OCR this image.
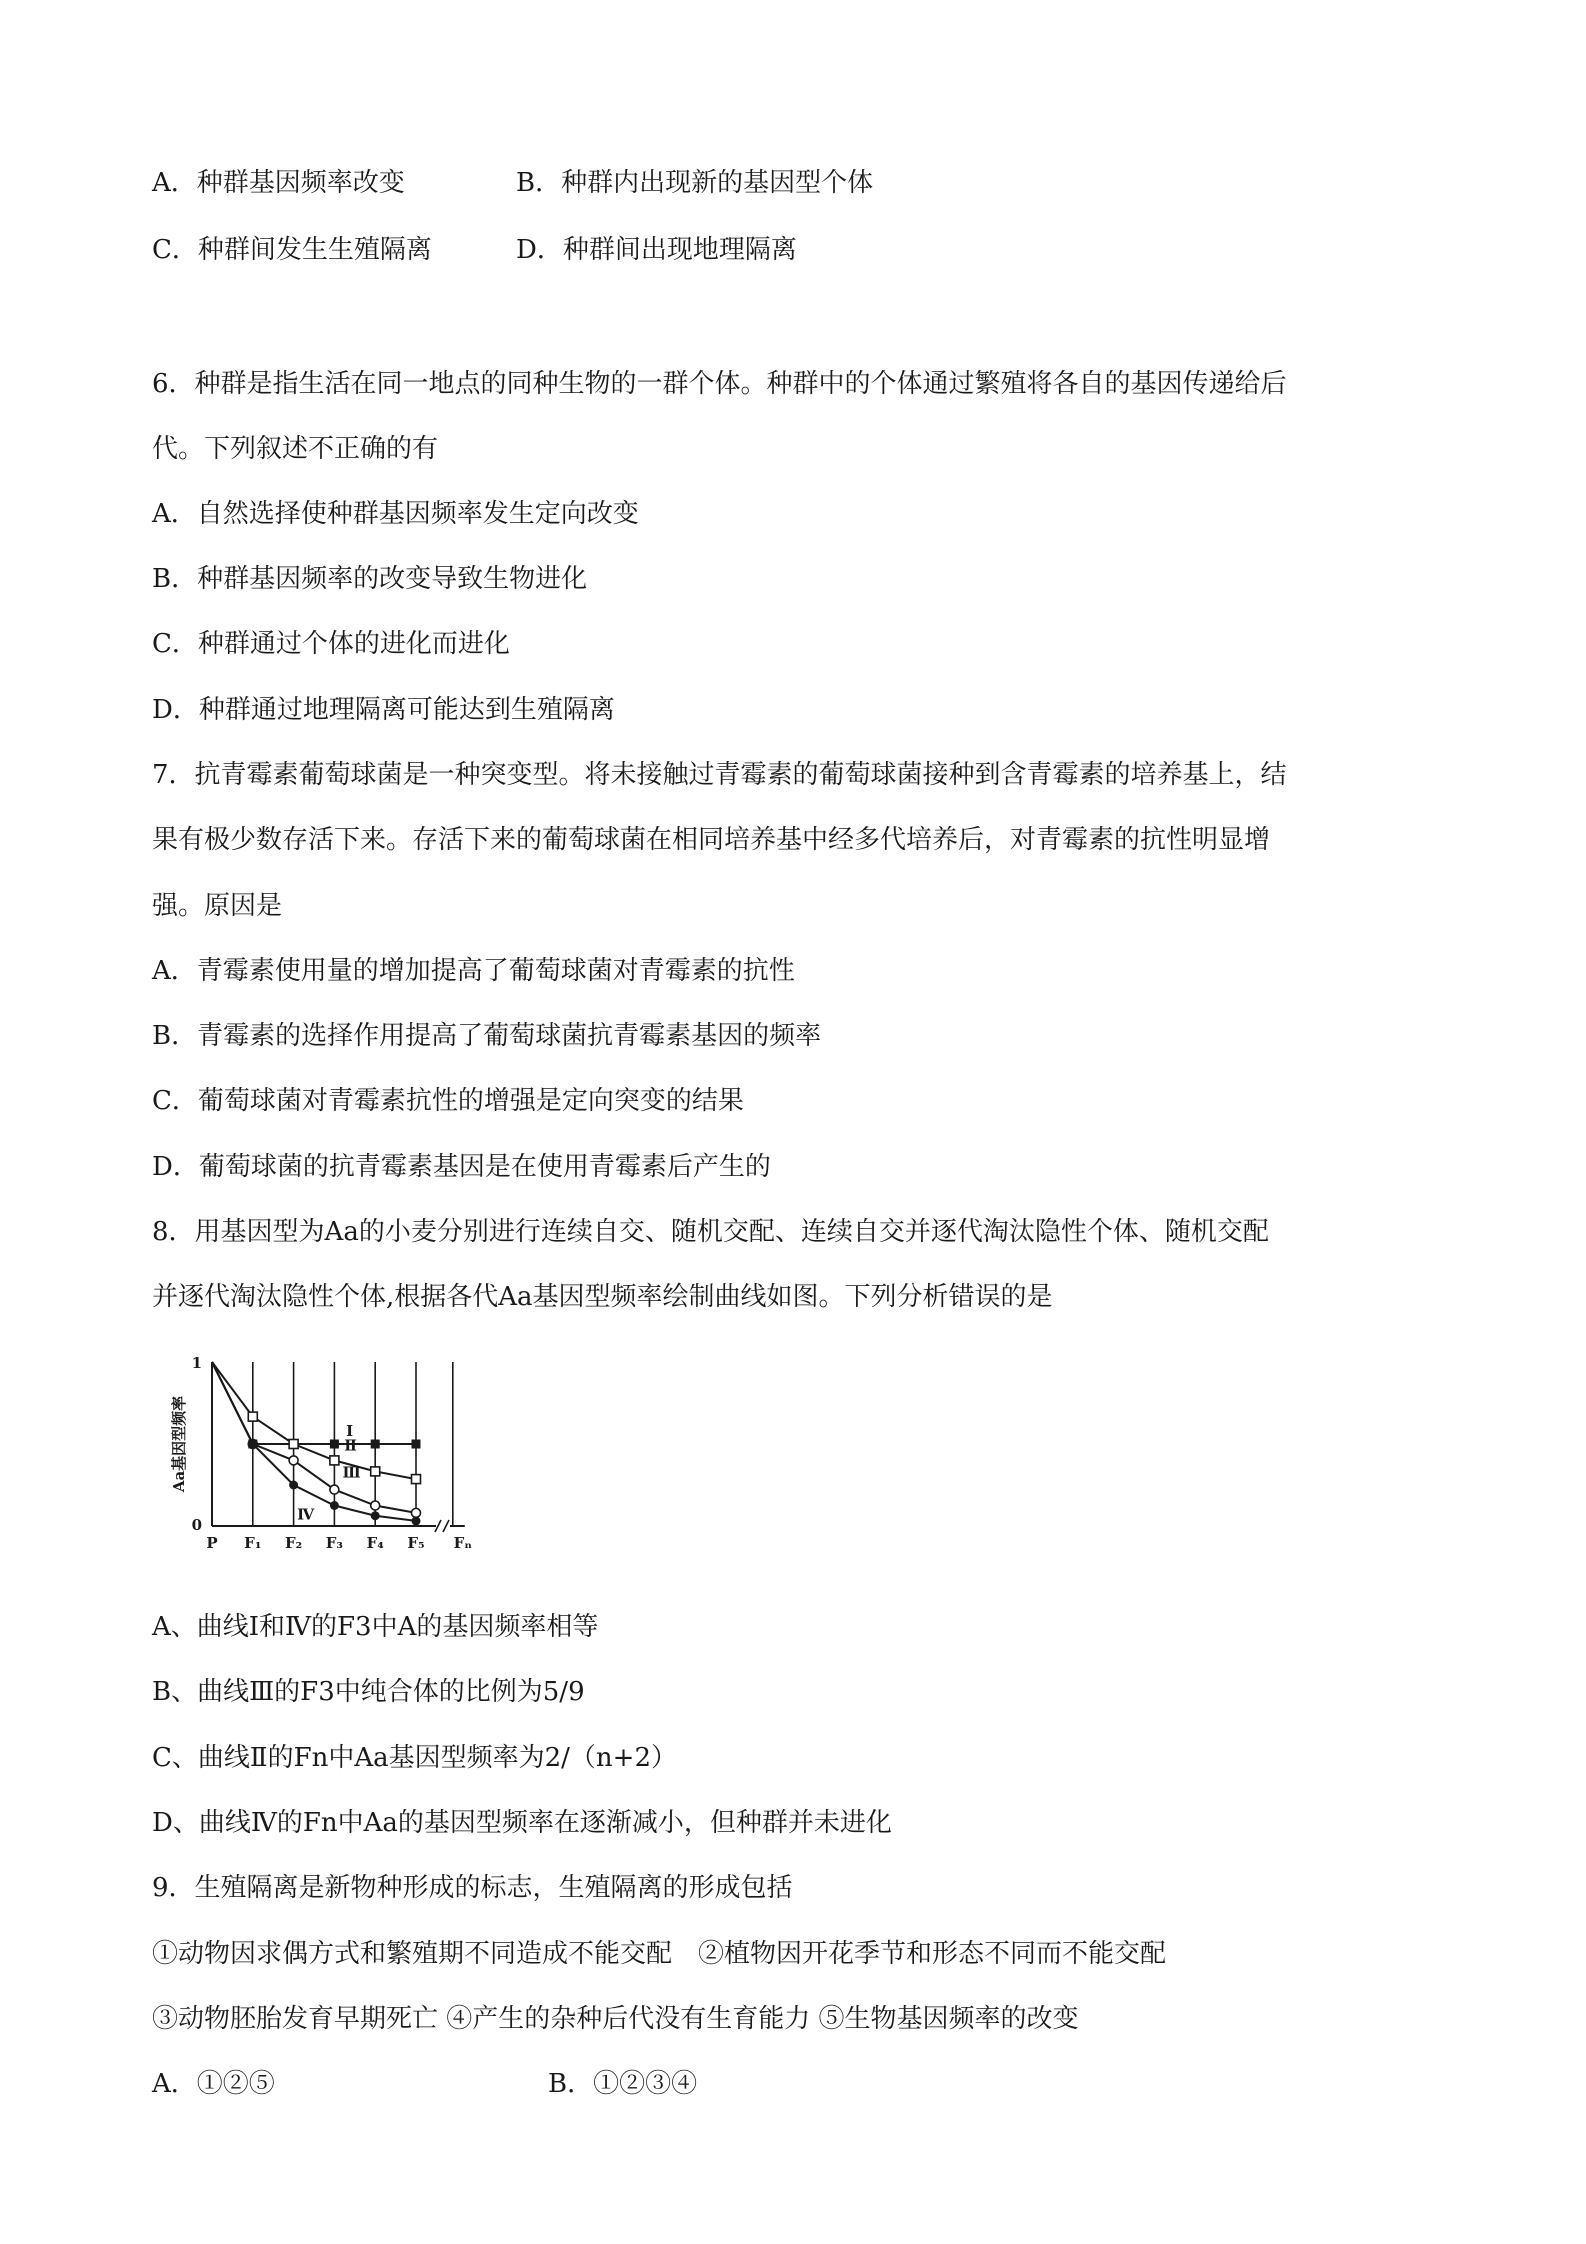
A．种群基因频率改变	B．种群内出现新的基因型个体
C．种群间发生生殖隔离	D．种群间出现地理隔离
6．种群是指生活在同一地点的同种生物的一群个体。种群中的个体通过繁殖将各自的基因传递给后
代。下列叙述不正确的有
A．自然选择使种群基因频率发生定向改变
B．种群基因频率的改变导致生物进化
C．种群通过个体的进化而进化
D．种群通过地理隔离可能达到生殖隔离
7．抗青霉素葡萄球菌是一种突变型。将未接触过青霉素的葡萄球菌接种到含青霉素的培养基上，结
果有极少数存活下来。存活下来的葡萄球菌在相同培养基中经多代培养后，对青霉素的抗性明显增
强。原因是
A．青霉素使用量的增加提高了葡萄球菌对青霉素的抗性
B．青霉素的选择作用提高了葡萄球菌抗青霉素基因的频率
C．葡萄球菌对青霉素抗性的增强是定向突变的结果
D．葡萄球菌的抗青霉素基因是在使用青霉素后产生的
8．用基因型为Aa的小麦分别进行连续自交、随机交配、连续自交并逐代淘汰隐性个体、随机交配
并逐代淘汰隐性个体,根据各代Aa基因型频率绘制曲线如图。下列分析错误的是
1
0
P F₁ F₂ F₃ F₄ F₅ Fₙ
Aa基因型频率	Ⅰ
Ⅱ
Ⅲ
Ⅳ
A、曲线Ⅰ和Ⅳ的F3中A的基因频率相等
B、曲线Ⅲ的F3中纯合体的比例为5/9
C、曲线Ⅱ的Fn中Aa基因型频率为2/（n+2）
D、曲线Ⅳ的Fn中Aa的基因型频率在逐渐减小，但种群并未进化
9．生殖隔离是新物种形成的标志，生殖隔离的形成包括
①动物因求偶方式和繁殖期不同造成不能交配　②植物因开花季节和形态不同而不能交配
③动物胚胎发育早期死亡 ④产生的杂种后代没有生育能力 ⑤生物基因频率的改变
A．①②⑤	B．①②③④
